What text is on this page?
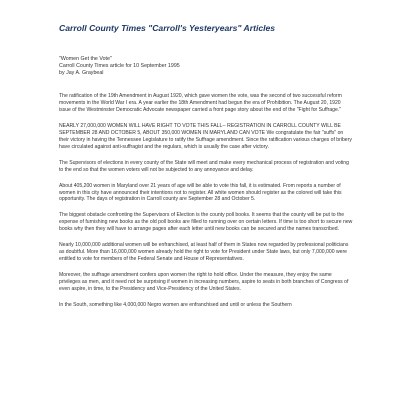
Carroll County Times "Carroll's Yesteryears" Articles
"Women Get the Vote"
Carroll County Times article for 10 September 1995
by Jay A. Graybeal

The ratification of the 19th Amendment in August 1920, which gave women the vote, was the second of two successful reform movements in the World War I era. A year earlier the 18th Amendment had begun the era of Prohibition. The August 20, 1920 issue of the Westminster Democratic Advocate newspaper carried a front page story about the end of the "Fight for Suffrage."

NEARLY 27,000,000 WOMEN WILL HAVE RIGHT TO VOTE THIS FALL-- REGISTRATION IN CARROLL COUNTY WILL BE SEPTEMBER 28 AND OCTOBER 5, ABOUT 350,000 WOMEN IN MARYLAND CAN VOTE We congratulate the fair "suffs" on their victory in having the Tennessee Legislature to ratify the Suffrage amendment. Since the ratification various charges of bribery have circulated against anti-suffragist and the regulars, which is usually the case after victory.

The Supervisors of elections in every county of the State will meet and make every mechanical process of registration and voting to the end so that the women voters will not be subjected to any annoyance and delay.

About 405,200 women in Maryland over 21 years of age will be able to vote this fall, it is estimated. From reports a number of women in this city have announced their intentions not to register. All white women should register as the colored will take this opportunity. The days of registration in Carroll county are September 28 and October 5.

The biggest obstacle confronting the Supervisors of Election is the county poll books. It seems that the county will be put to the expense of furnishing new books as the old poll books are filled to running over on certain letters. If time is too short to secure new books why then they will have to arrange pages after each letter until new books can be secured and the names transcribed.

Nearly 10,000,000 additional women will be enfranchised, at least half of them in States now regarded by professional politicians as doubtful. More than 16,000,000 women already hold the right to vote for President under State laws, but only 7,000,000 were entitled to vote for members of the Federal Senate and House of Representatives.

Moreover, the suffrage amendment confers upon women the right to hold office. Under the measure, they enjoy the same privileges as men, and it need not be surprising if women in increasing numbers, aspire to seats in both branches of Congress of even aspire, in time, to the Presidency and Vice-Presidency of the United States.

In the South, something like 4,000,000 Negro women are enfranchised and until or unless the Southern
